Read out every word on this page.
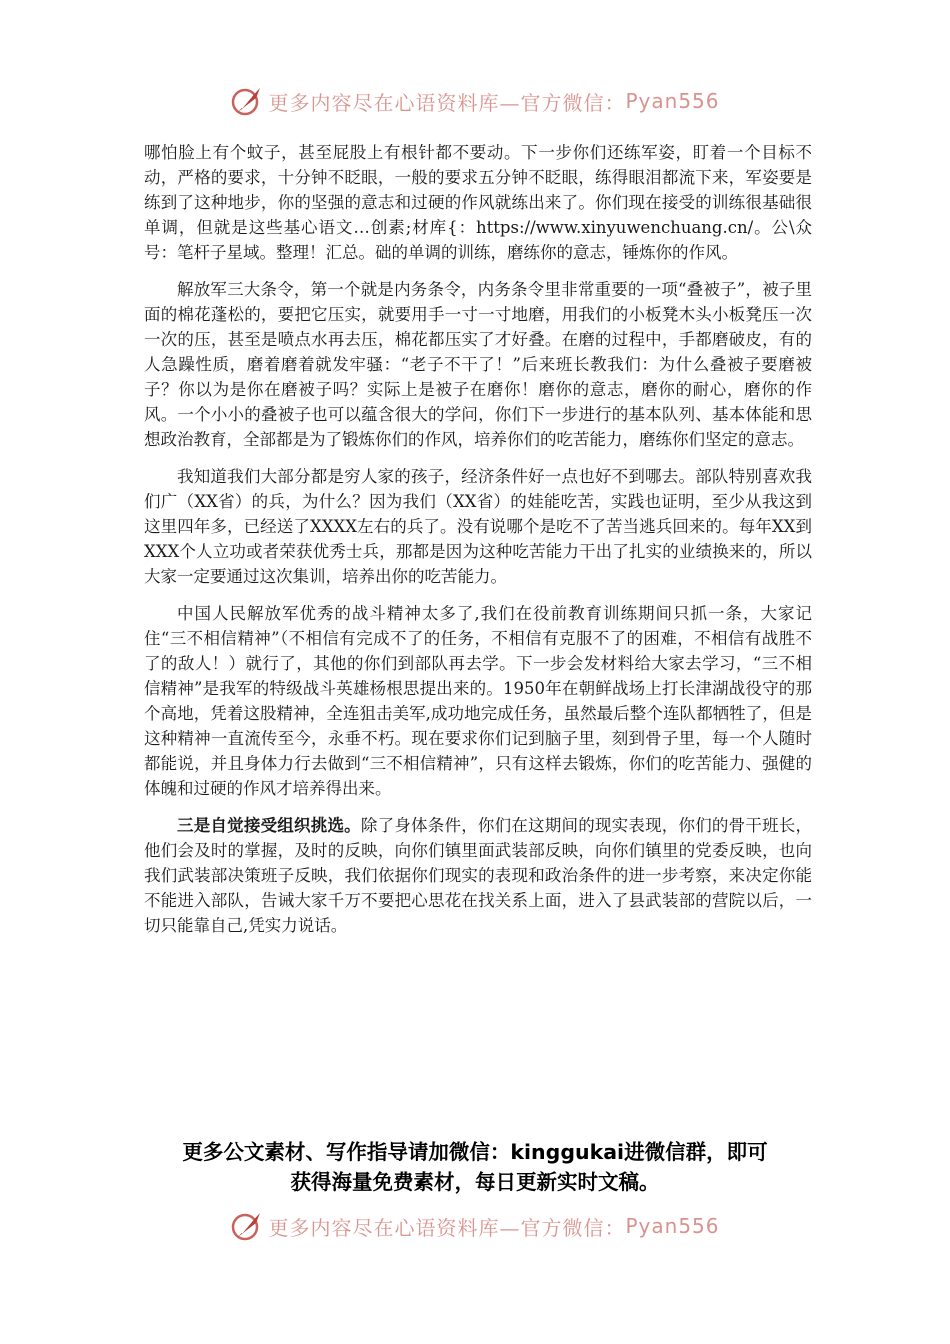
更多内容尽在心语资料库—官方微信： Pyan556

哪怕脸上有个蚊子，甚至屁股上有根针都不要动。下一步你们还练军姿，盯着一个目标不动，严格的要求，十分钟不眨眼，一般的要求五分钟不眨眼，练得眼泪都流下来，军姿要是练到了这种地步，你的坚强的意志和过硬的作风就练出来了。你们现在接受的训练很基础很单调，但就是这些基心语文…创素;材库{：https://www.xinyuwenchuang.cn/。公\众号：笔杆子星域。整理！汇总。础的单调的训练，磨练你的意志，锤炼你的作风。

解放军三大条令，第一个就是内务条令，内务条令里非常重要的一项“叠被子”，被子里面的棉花蓬松的，要把它压实，就要用手一寸一寸地磨，用我们的小板凳木头小板凳压一次一次的压，甚至是喷点水再去压，棉花都压实了才好叠。在磨的过程中，手都磨破皮，有的人急躁性质，磨着磨着就发牢骚：“老子不干了！”后来班长教我们：为什么叠被子要磨被子？你以为是你在磨被子吗？实际上是被子在磨你！磨你的意志，磨你的耐心，磨你的作风。一个小小的叠被子也可以蕴含很大的学问，你们下一步进行的基本队列、基本体能和思想政治教育，全部都是为了锻炼你们的作风，培养你们的吃苦能力，磨练你们坚定的意志。

我知道我们大部分都是穷人家的孩子，经济条件好一点也好不到哪去。部队特别喜欢我们广（XX省）的兵，为什么？因为我们（XX省）的娃能吃苦，实践也证明，至少从我这到这里四年多，已经送了XXXX左右的兵了。没有说哪个是吃不了苦当逃兵回来的。每年XX到XXX个人立功或者荣获优秀士兵，那都是因为这种吃苦能力干出了扎实的业绩换来的，所以大家一定要通过这次集训，培养出你的吃苦能力。

中国人民解放军优秀的战斗精神太多了,我们在役前教育训练期间只抓一条，大家记住“三不相信精神”（不相信有完成不了的任务，不相信有克服不了的困难，不相信有战胜不了的敌人！）就行了，其他的你们到部队再去学。下一步会发材料给大家去学习，“三不相信精神”是我军的特级战斗英雄杨根思提出来的。1950年在朝鲜战场上打长津湖战役守的那个高地，凭着这股精神，全连狙击美军,成功地完成任务，虽然最后整个连队都牺牲了，但是这种精神一直流传至今，永垂不朽。现在要求你们记到脑子里，刻到骨子里，每一个人随时都能说，并且身体力行去做到“三不相信精神”，只有这样去锻炼，你们的吃苦能力、强健的体魄和过硬的作风才培养得出来。

三是自觉接受组织挑选。除了身体条件，你们在这期间的现实表现，你们的骨干班长，他们会及时的掌握，及时的反映，向你们镇里面武装部反映，向你们镇里的党委反映，也向我们武装部决策班子反映，我们依据你们现实的表现和政治条件的进一步考察，来决定你能不能进入部队，告诫大家千万不要把心思花在找关系上面，进入了县武装部的营院以后，一切只能靠自己,凭实力说话。

更多公文素材、写作指导请加微信：kinggukai进微信群，即可
获得海量免费素材，每日更新实时文稿。
更多内容尽在心语资料库—官方微信： Pyan556
